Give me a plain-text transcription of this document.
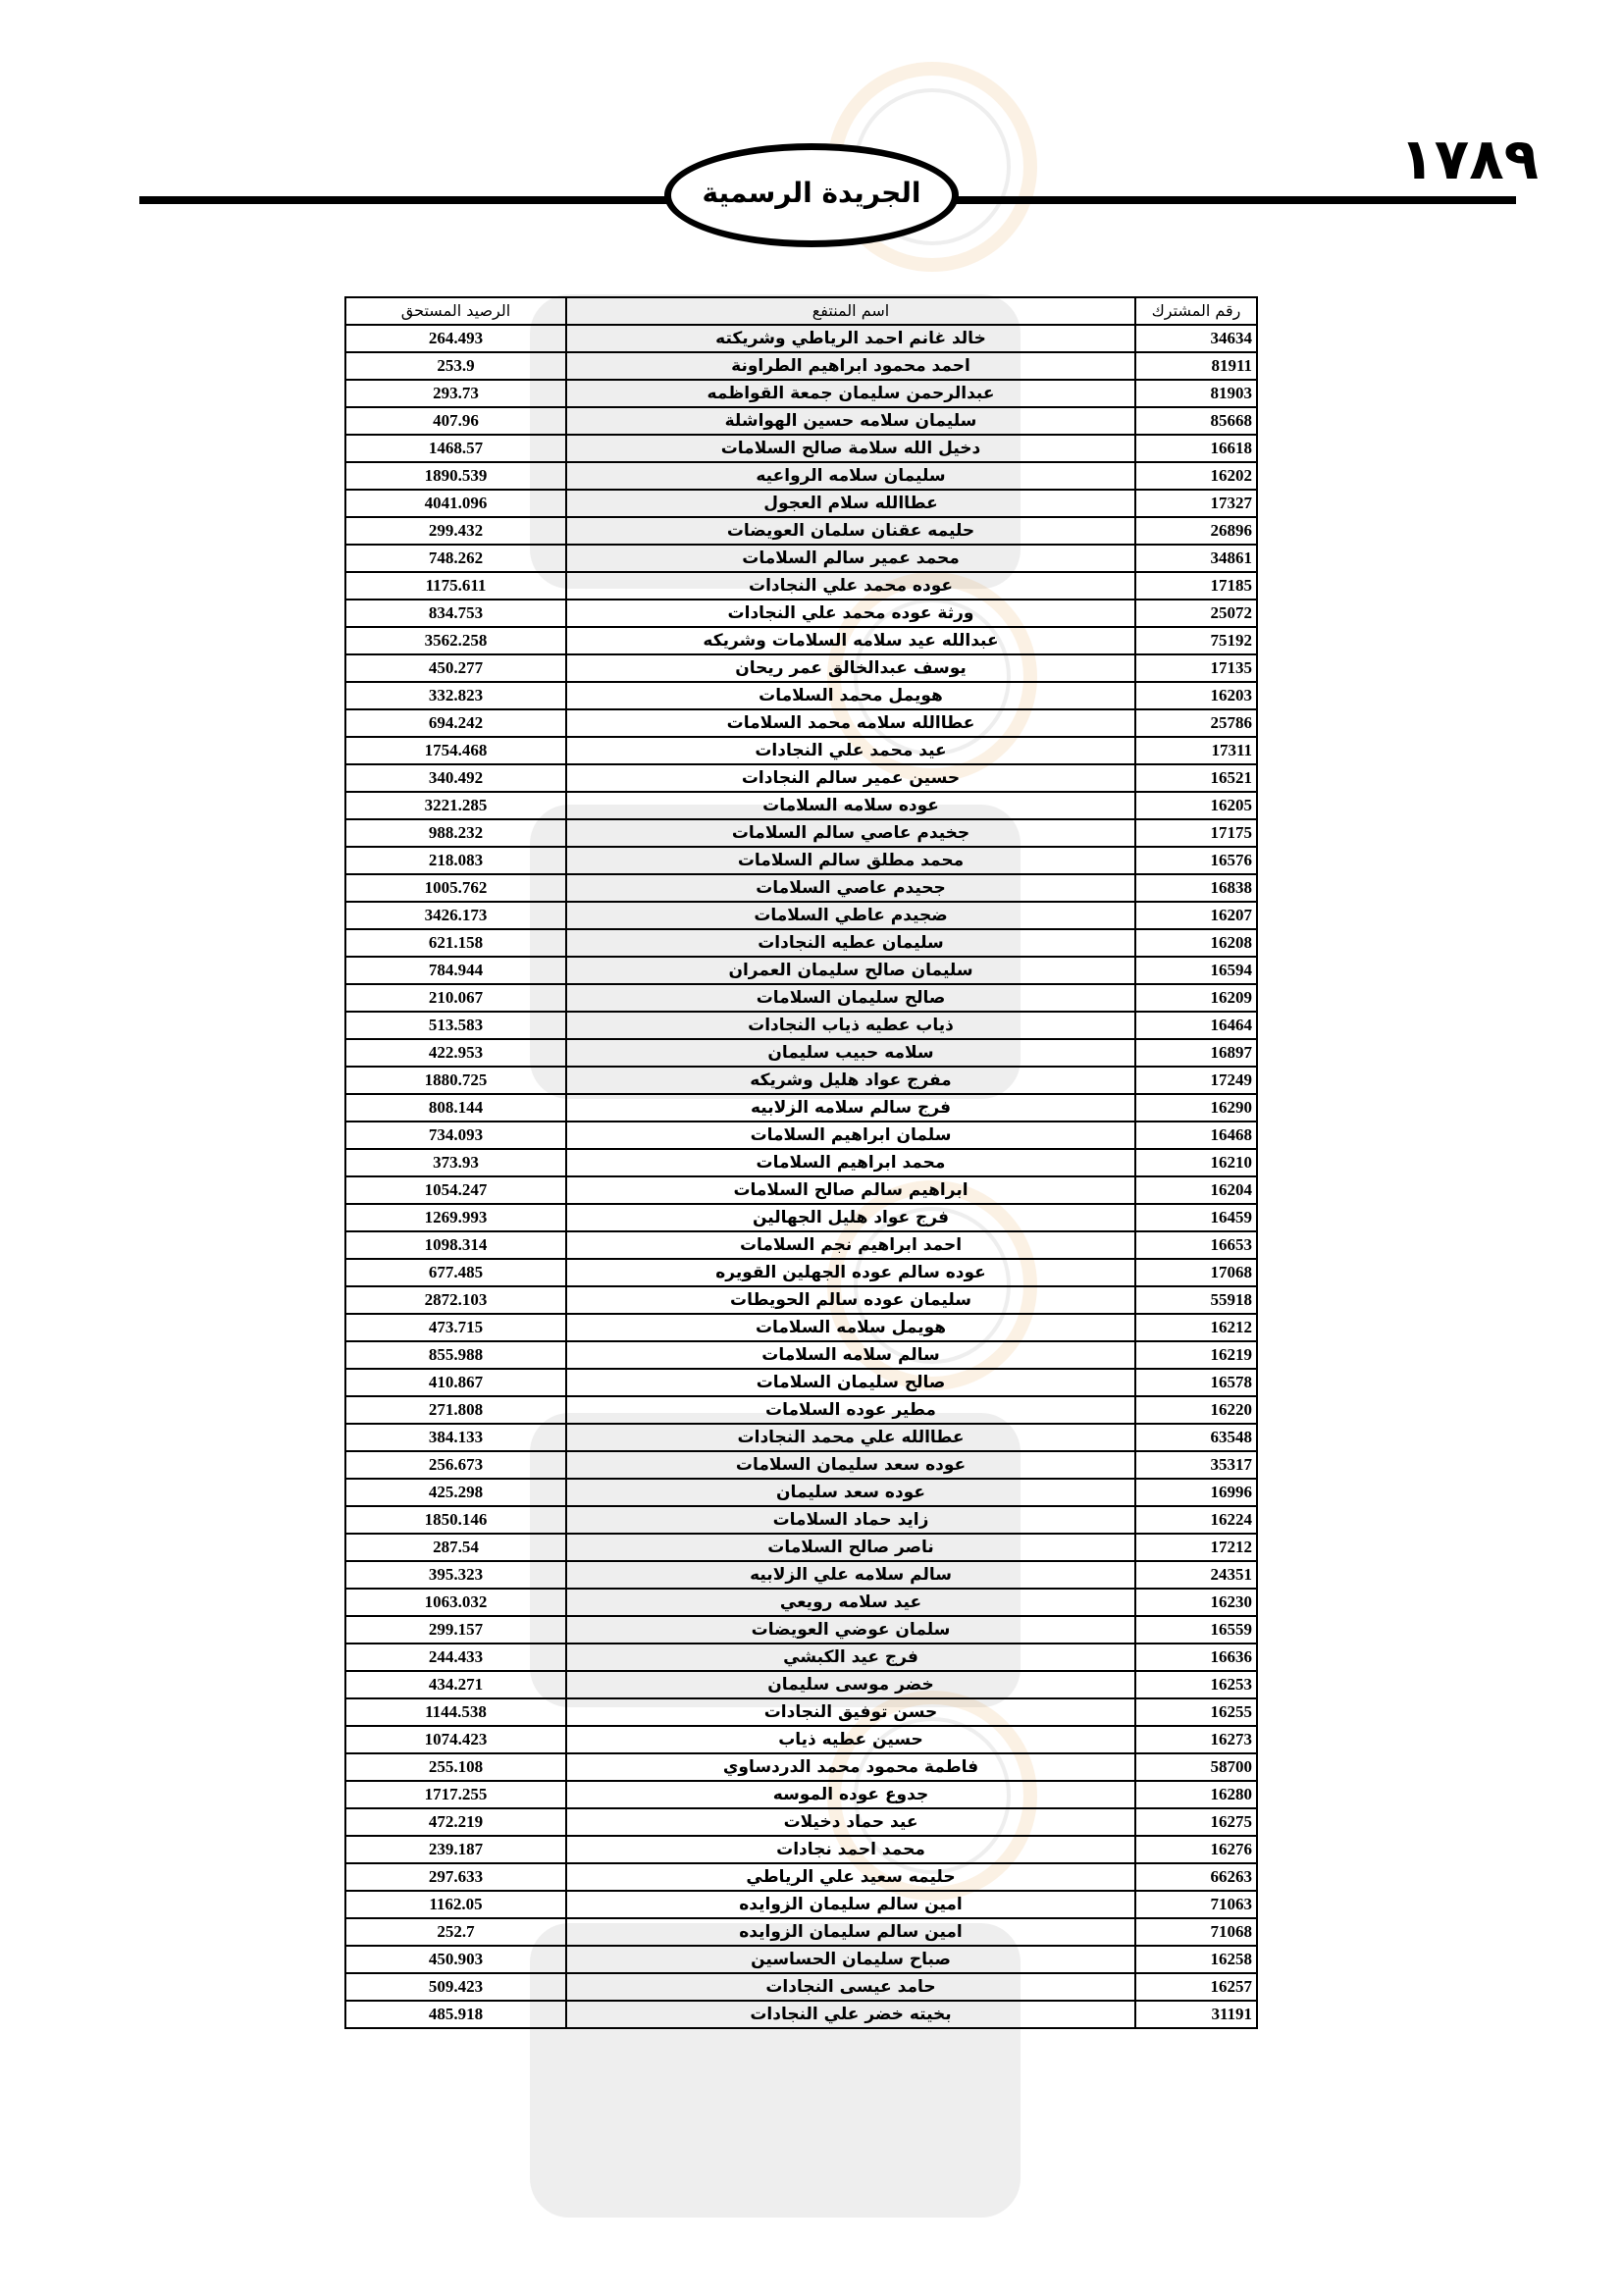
١٧٨٩
الجريدة الرسمية
رقم المشترك	اسم المنتفع	الرصيد المستحق
34634	خالد غانم احمد الرياطي وشريكته	264.493
81911	احمد محمود ابراهيم الطراونة	253.9
81903	عبدالرحمن سليمان جمعة القواظمه	293.73
85668	سليمان سلامه حسين الهواشلة	407.96
16618	دخيل الله سلامة صالح السلامات	1468.57
16202	سليمان سلامه الرواعيه	1890.539
17327	عطاالله سلام العجول	4041.096
26896	حليمه عقنان سلمان العويضات	299.432
34861	محمد عمير سالم السلامات	748.262
17185	عوده محمد علي النجادات	1175.611
25072	ورثة عوده محمد علي النجادات	834.753
75192	عبدالله عيد سلامه السلامات وشريكه	3562.258
17135	يوسف عبدالخالق عمر ريحان	450.277
16203	هويمل محمد السلامات	332.823
25786	عطاالله سلامه محمد السلامات	694.242
17311	عيد محمد علي النجادات	1754.468
16521	حسين عمير سالم النجادات	340.492
16205	عوده سلامه السلامات	3221.285
17175	جخيدم عاصي سالم السلامات	988.232
16576	محمد مطلق سالم السلامات	218.083
16838	جحيدم عاصي السلامات	1005.762
16207	ضجيدم عاطي السلامات	3426.173
16208	سليمان عطيه النجادات	621.158
16594	سليمان صالح سليمان العمران	784.944
16209	صالح سليمان السلامات	210.067
16464	ذياب عطيه ذياب النجادات	513.583
16897	سلامه حبيب سليمان	422.953
17249	مفرج عواد هليل وشريكه	1880.725
16290	فرج سالم سلامه الزلابيه	808.144
16468	سلمان ابراهيم السلامات	734.093
16210	محمد ابراهيم السلامات	373.93
16204	ابراهيم سالم صالح السلامات	1054.247
16459	فرج عواد هليل الجهالين	1269.993
16653	احمد ابراهيم نجم السلامات	1098.314
17068	عوده سالم عوده الجهلين القويره	677.485
55918	سليمان عوده سالم الحويطات	2872.103
16212	هويمل سلامه السلامات	473.715
16219	سالم سلامه السلامات	855.988
16578	صالح سليمان السلامات	410.867
16220	مطير عوده السلامات	271.808
63548	عطاالله علي محمد النجادات	384.133
35317	عوده سعد سليمان السلامات	256.673
16996	عوده سعد سليمان	425.298
16224	زايد حماد السلامات	1850.146
17212	ناصر صالح السلامات	287.54
24351	سالم سلامه علي الزلابيه	395.323
16230	عيد سلامه رويعي	1063.032
16559	سلمان عوضي العويضات	299.157
16636	فرج عيد الكبشي	244.433
16253	خضر موسى سليمان	434.271
16255	حسن توفيق النجادات	1144.538
16273	حسين عطيه ذياب	1074.423
58700	فاطمة محمود محمد الدردساوي	255.108
16280	جدوع عوده الموسه	1717.255
16275	عيد حماد دخيلات	472.219
16276	محمد احمد نجادات	239.187
66263	حليمه سعيد علي الرياطي	297.633
71063	امين سالم سليمان الزوايده	1162.05
71068	امين سالم سليمان الزوايده	252.7
16258	صباح سليمان الحساسين	450.903
16257	حامد عيسى النجادات	509.423
31191	بخيته خضر علي النجادات	485.918
